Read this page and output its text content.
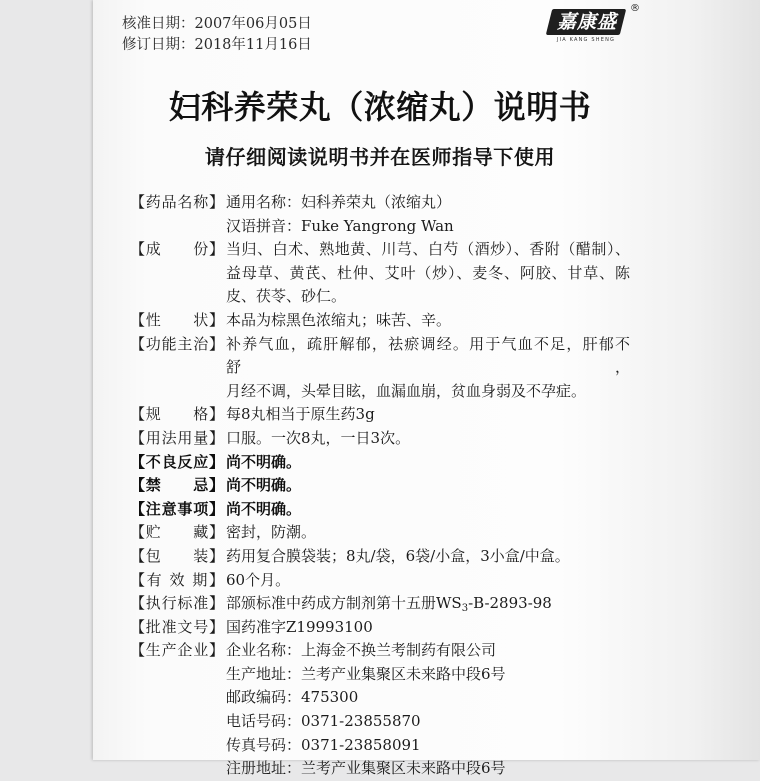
核准日期：2007年06月05日
修订日期：2018年11月16日
嘉康盛
JIA KANG SHENG
®
妇科养荣丸（浓缩丸）说明书
请仔细阅读说明书并在医师指导下使用
【药品名称】 通用名称：妇科养荣丸（浓缩丸）
汉语拼音：Fuke Yangrong Wan
【成　　份】 当归、白术、熟地黄、川芎、白芍（酒炒）、香附（醋制）、
益母草、黄芪、杜仲、艾叶（炒）、麦冬、阿胶、甘草、陈
皮、茯苓、砂仁。
【性　　状】 本品为棕黑色浓缩丸；味苦、辛。
【功能主治】 补养气血，疏肝解郁，祛瘀调经。用于气血不足，肝郁不舒，
月经不调，头晕目眩，血漏血崩，贫血身弱及不孕症。
【规　　格】 每8丸相当于原生药3g
【用法用量】 口服。一次8丸，一日3次。
【不良反应】 尚不明确。
【禁　　忌】 尚不明确。
【注意事项】 尚不明确。
【贮　　藏】 密封，防潮。
【包　　装】 药用复合膜袋装；8丸/袋，6袋/小盒，3小盒/中盒。
【有 效 期】 60个月。
【执行标准】 部颁标准中药成方制剂第十五册$WS_3-B-2893-98$
【批准文号】 国药准字Z19993100
【生产企业】 企业名称：上海金不换兰考制药有限公司
生产地址：兰考产业集聚区未来路中段6号
邮政编码：475300
电话号码：0371-23855870
传真号码：0371-23858091
注册地址：兰考产业集聚区未来路中段6号
